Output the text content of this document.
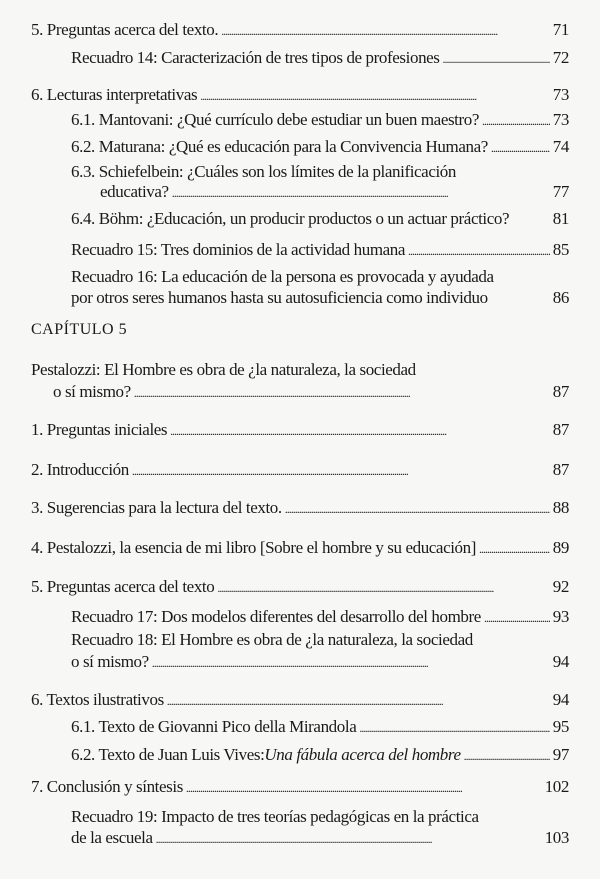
5. Preguntas acerca del texto. . . .	71
Recuadro 14: Caracterización de tres tipos de profesiones . . .	72
6. Lecturas interpretativas . . .	73
6.1. Mantovani: ¿Qué currículo debe estudiar un buen maestro? . . .	73
6.2. Maturana: ¿Qué es educación para la Convivencia Humana? . . .	74
6.3. Schiefelbein: ¿Cuáles son los límites de la planificación
educativa? . . .	77
6.4. Böhm: ¿Educación, un producir productos o un actuar práctico?	81
Recuadro 15: Tres dominios de la actividad humana . . .	85
Recuadro 16: La educación de la persona es provocada y ayudada
por otros seres humanos hasta su autosuficiencia como individuo	86
CAPÍTULO 5
Pestalozzi: El Hombre es obra de ¿la naturaleza, la sociedad
o sí mismo? . . .	87
1. Preguntas iniciales . . .	87
2. Introducción . . .	87
3. Sugerencias para la lectura del texto. . . .	88
4. Pestalozzi, la esencia de mi libro [Sobre el hombre y su educación] . . .	89
5. Preguntas acerca del texto . . .	92
Recuadro 17: Dos modelos diferentes del desarrollo del hombre . . .	93
Recuadro 18: El Hombre es obra de ¿la naturaleza, la sociedad
o sí mismo? . . .	94
6. Textos ilustrativos . . .	94
6.1. Texto de Giovanni Pico della Mirandola . . .	95
6.2. Texto de Juan Luis Vives: Una fábula acerca del hombre . . .	97
7. Conclusión y síntesis . . .	102
Recuadro 19: Impacto de tres teorías pedagógicas en la práctica
de la escuela . . .	103
